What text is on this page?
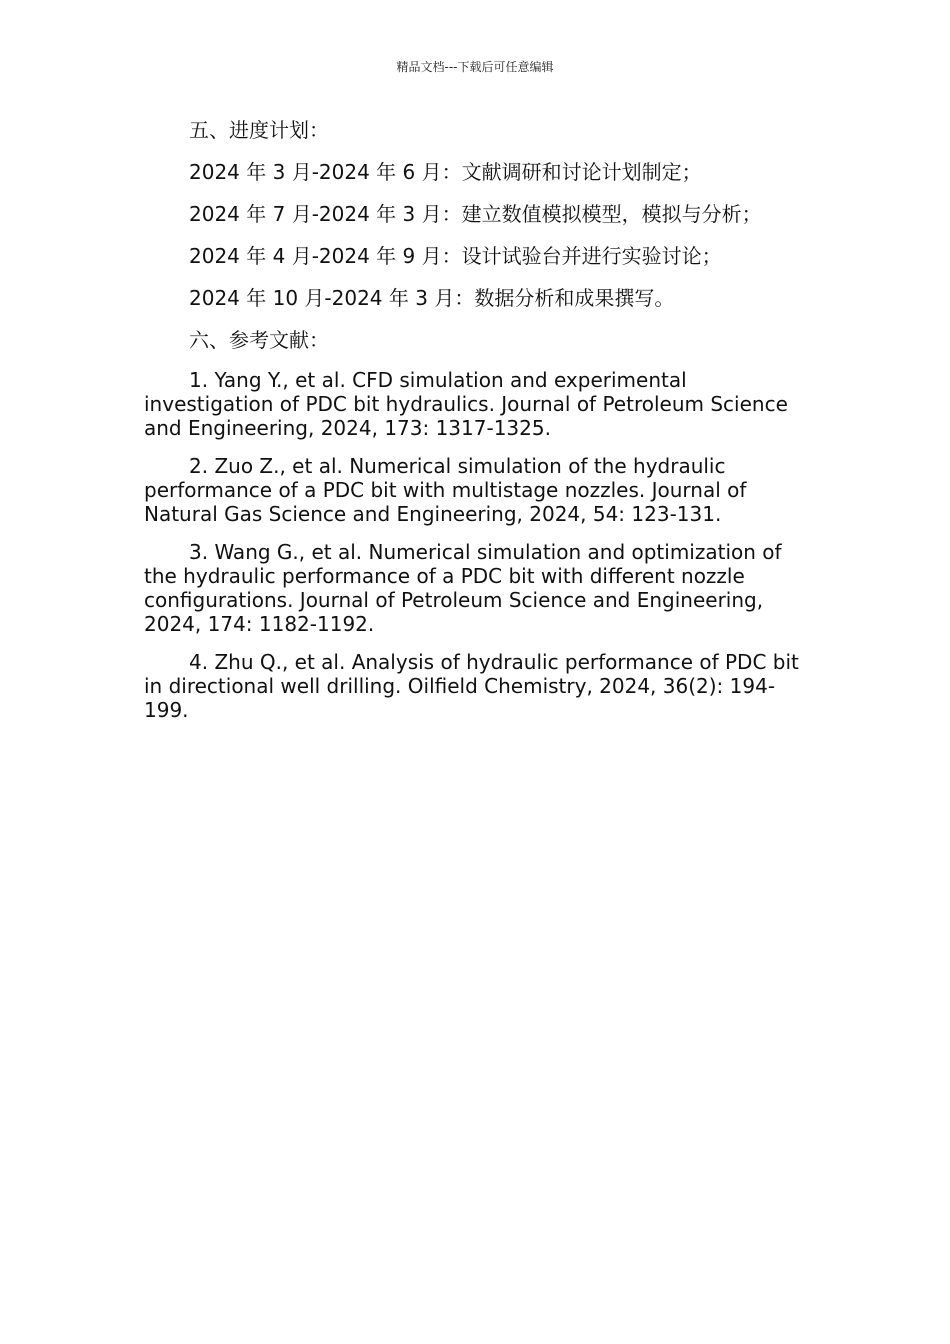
精品文档---下载后可任意编辑
五、进度计划：
2024 年 3 月-2024 年 6 月：文献调研和讨论计划制定；
2024 年 7 月-2024 年 3 月：建立数值模拟模型，模拟与分析；
2024 年 4 月-2024 年 9 月：设计试验台并进行实验讨论；
2024 年 10 月-2024 年 3 月：数据分析和成果撰写。
六、参考文献：

1. Yang Y., et al. CFD simulation and experimental investigation of PDC bit hydraulics. Journal of Petroleum Science and Engineering, 2024, 173: 1317-1325.

2. Zuo Z., et al. Numerical simulation of the hydraulic performance of a PDC bit with multistage nozzles. Journal of Natural Gas Science and Engineering, 2024, 54: 123-131.

3. Wang G., et al. Numerical simulation and optimization of the hydraulic performance of a PDC bit with different nozzle configurations. Journal of Petroleum Science and Engineering, 2024, 174: 1182-1192.

4. Zhu Q., et al. Analysis of hydraulic performance of PDC bit in directional well drilling. Oilfield Chemistry, 2024, 36(2): 194-199.
